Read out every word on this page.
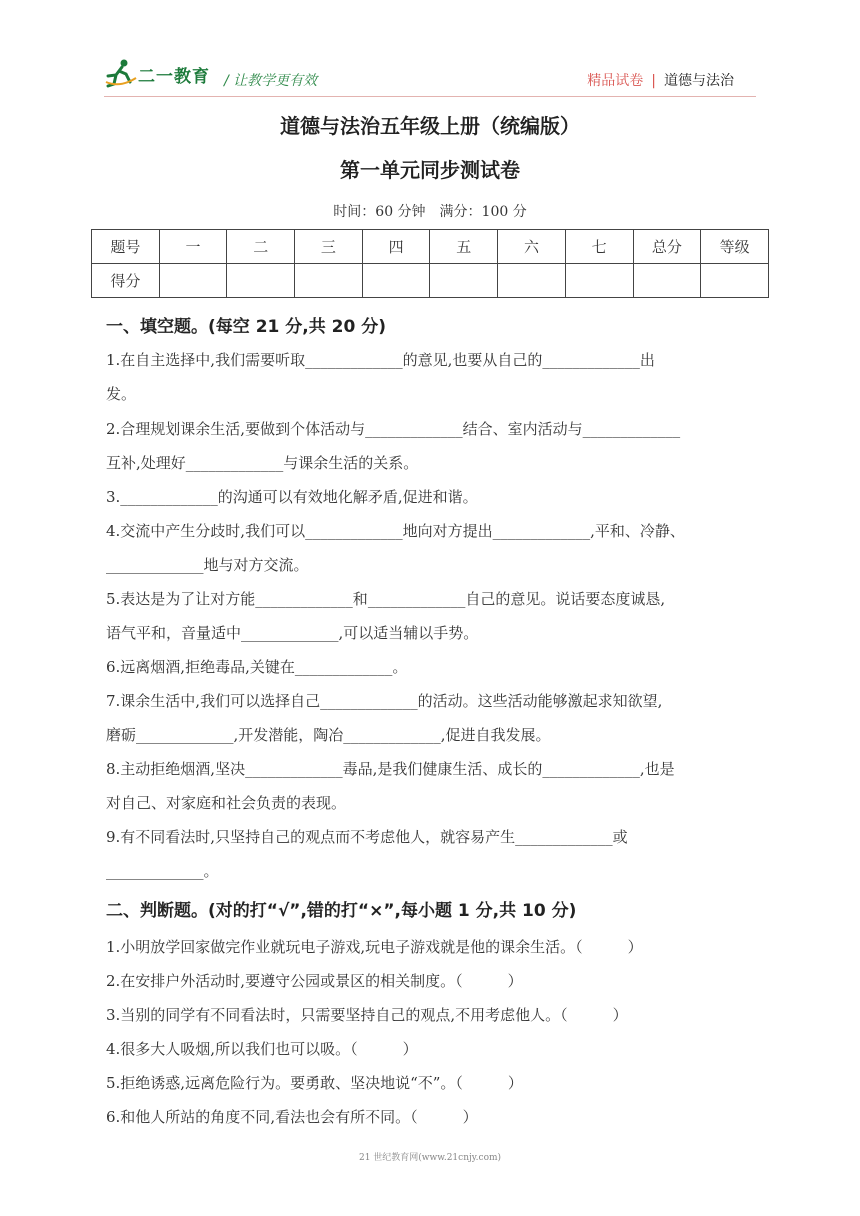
二一教育 / 让教学更有效	精品试卷 | 道德与法治
道德与法治五年级上册（统编版）
第一单元同步测试卷
时间：60 分钟　满分：100 分
题号	一	二	三	四	五	六	七	总分	等级
得分									
一、填空题。(每空 21 分,共 20 分)
1.在自主选择中,我们需要听取_____________的意见,也要从自己的_____________出
发。
2.合理规划课余生活,要做到个体活动与_____________结合、室内活动与_____________
互补,处理好_____________与课余生活的关系。
3._____________的沟通可以有效地化解矛盾,促进和谐。
4.交流中产生分歧时,我们可以_____________地向对方提出_____________,平和、冷静、
_____________地与对方交流。
5.表达是为了让对方能_____________和_____________自己的意见。说话要态度诚恳,
语气平和，音量适中_____________,可以适当辅以手势。
6.远离烟酒,拒绝毒品,关键在_____________。
7.课余生活中,我们可以选择自己_____________的活动。这些活动能够激起求知欲望,
磨砺_____________,开发潜能，陶冶_____________,促进自我发展。
8.主动拒绝烟酒,坚决_____________毒品,是我们健康生活、成长的_____________,也是
对自己、对家庭和社会负责的表现。
9.有不同看法时,只坚持自己的观点而不考虑他人，就容易产生_____________或
_____________。
二、判断题。(对的打“√”,错的打“×”,每小题 1 分,共 10 分)
1.小明放学回家做完作业就玩电子游戏,玩电子游戏就是他的课余生活。（　　　）
2.在安排户外活动时,要遵守公园或景区的相关制度。（　　　）
3.当别的同学有不同看法时，只需要坚持自己的观点,不用考虑他人。（　　　）
4.很多大人吸烟,所以我们也可以吸。（　　　）
5.拒绝诱惑,远离危险行为。要勇敢、坚决地说“不”。（　　　）
6.和他人所站的角度不同,看法也会有所不同。（　　　）
21 世纪教育网(www.21cnjy.com)
